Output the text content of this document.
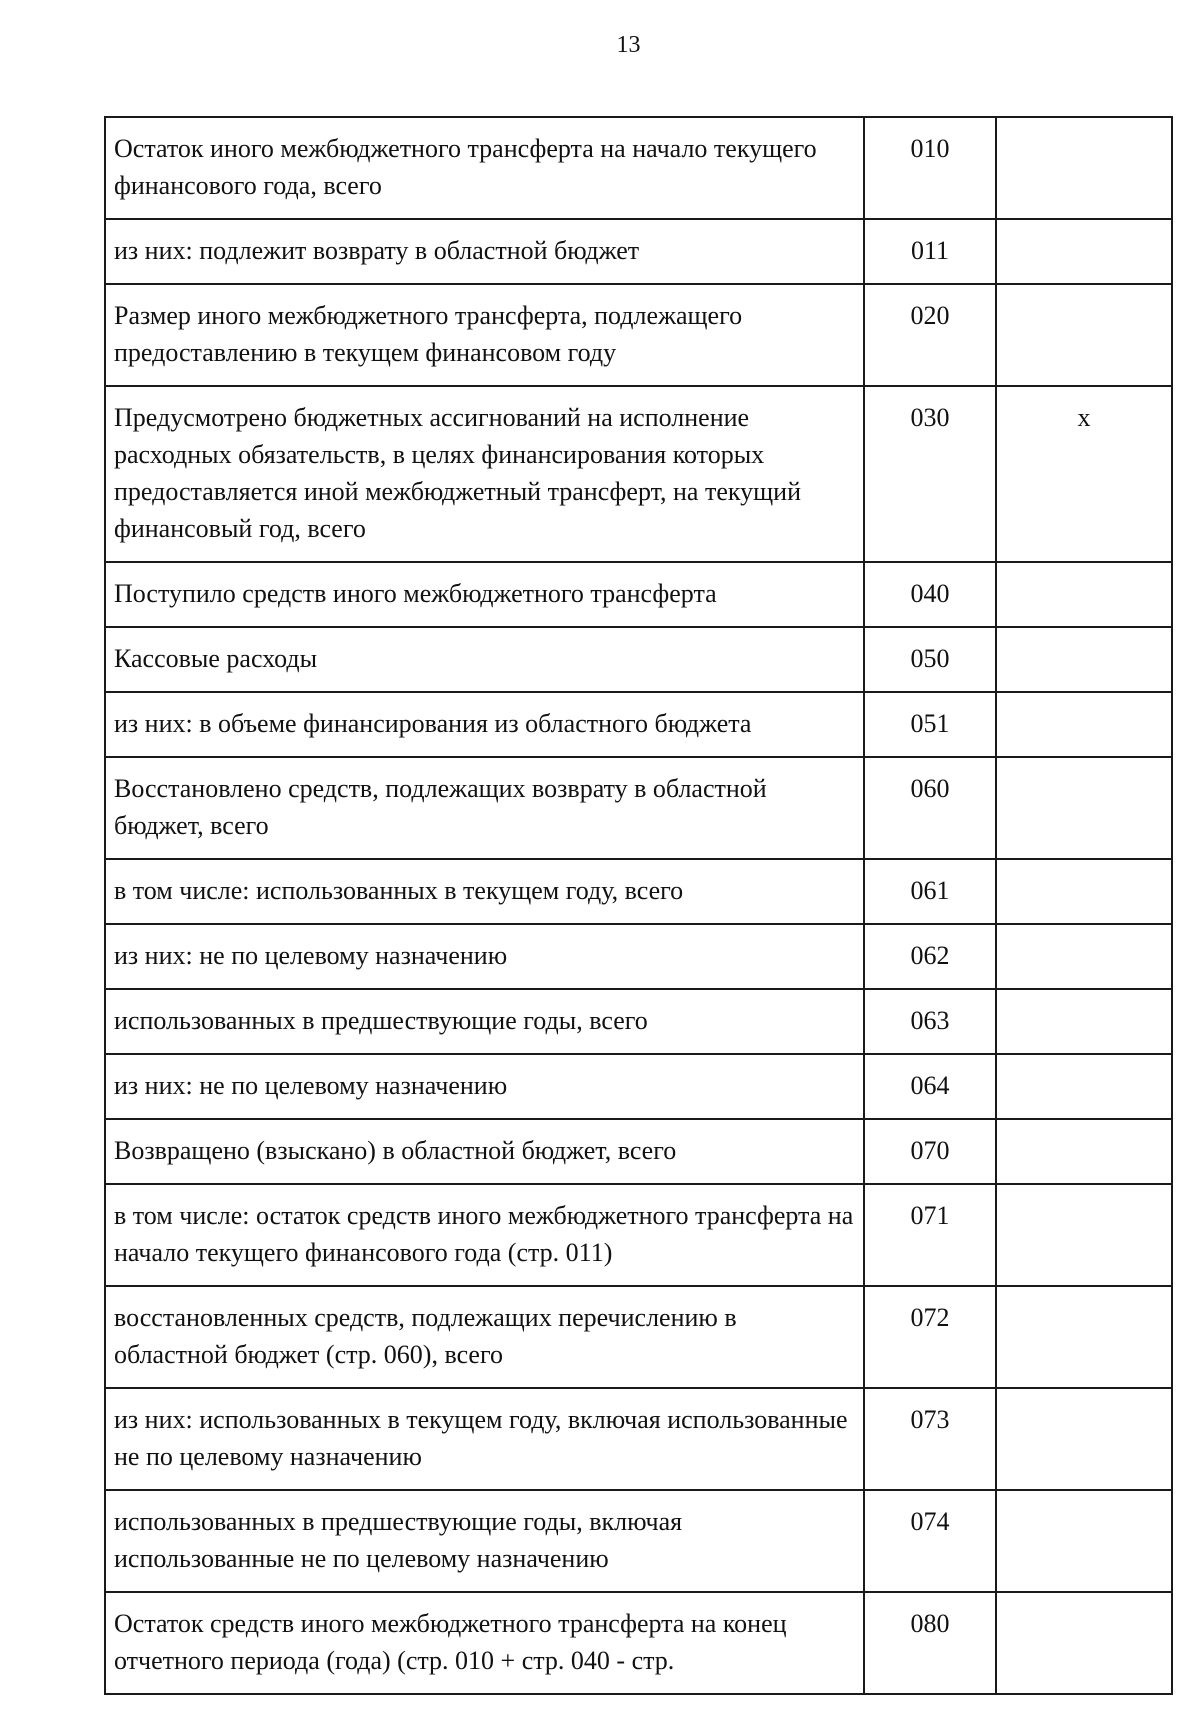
13
Остаток иного межбюджетного трансферта на начало текущего финансового года, всего	010	
из них: подлежит возврату в областной бюджет	011	
Размер иного межбюджетного трансферта, подлежащего предоставлению в текущем финансовом году	020	
Предусмотрено бюджетных ассигнований на исполнение расходных обязательств, в целях финансирования которых предоставляется иной межбюджетный трансферт, на текущий финансовый год, всего	030	х
Поступило средств иного межбюджетного трансферта	040	
Кассовые расходы	050	
из них: в объеме финансирования из областного бюджета	051	
Восстановлено средств, подлежащих возврату в областной бюджет, всего	060	
в том числе: использованных в текущем году, всего	061	
из них: не по целевому назначению	062	
использованных в предшествующие годы, всего	063	
из них: не по целевому назначению	064	
Возвращено (взыскано) в областной бюджет, всего	070	
в том числе: остаток средств иного межбюджетного трансферта на начало текущего финансового года (стр. 011)	071	
восстановленных средств, подлежащих перечислению в областной бюджет (стр. 060), всего	072	
из них: использованных в текущем году, включая использованные не по целевому назначению	073	
использованных в предшествующие годы, включая использованные не по целевому назначению	074	
Остаток средств иного межбюджетного трансферта на конец отчетного периода (года) (стр. 010 + стр. 040 - стр.	080	
